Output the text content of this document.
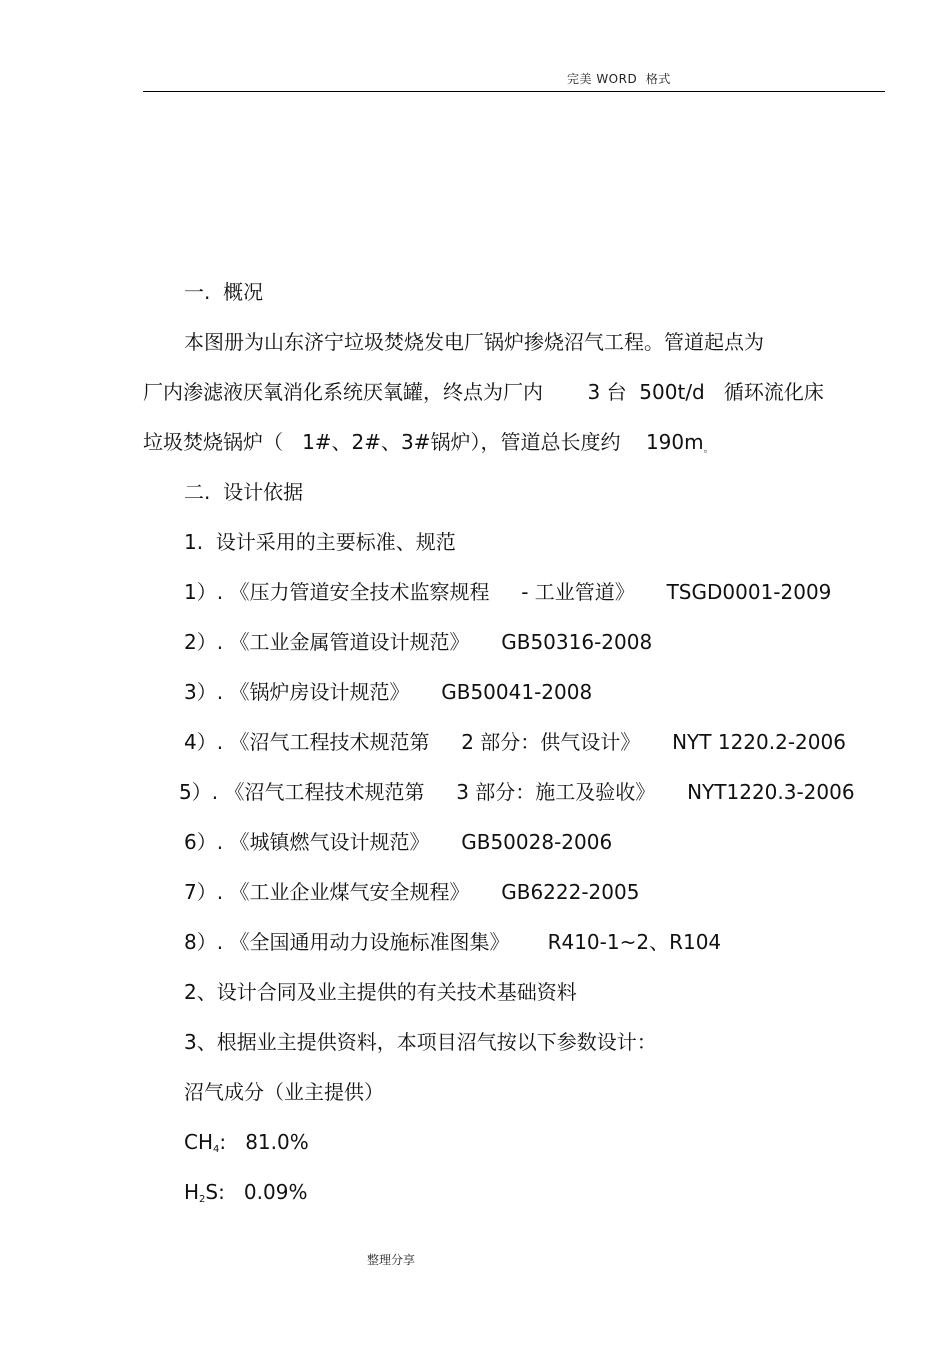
完美 WORD  格式
一.  概况
本图册为山东济宁垃圾焚烧发电厂锅炉掺烧沼气工程。管道起点为
厂内渗滤液厌氧消化系统厌氧罐，终点为厂内       3 台  500t/d   循环流化床
垃圾焚烧锅炉（   1#、2#、3#锅炉），管道总长度约    $190m_。$
二.  设计依据
1.  设计采用的主要标准、规范
1）. 《压力管道安全技术监察规程     - 工业管道》     TSGD0001-2009
2）. 《工业金属管道设计规范》     GB50316-2008
3）. 《锅炉房设计规范》     GB50041-2008
4）. 《沼气工程技术规范第     2 部分：供气设计》     NYT 1220.2-2006
5）. 《沼气工程技术规范第     3 部分：施工及验收》     NYT1220.3-2006
6）. 《城镇燃气设计规范》     GB50028-2006
7）. 《工业企业煤气安全规程》     GB6222-2005
8）. 《全国通用动力设施标准图集》      R410-1~2、R104
2、设计合同及业主提供的有关技术基础资料
3、根据业主提供资料，本项目沼气按以下参数设计：
沼气成分（业主提供）
$CH_4$:   81.0%
$H_2S$:   0.09%
整理分享
